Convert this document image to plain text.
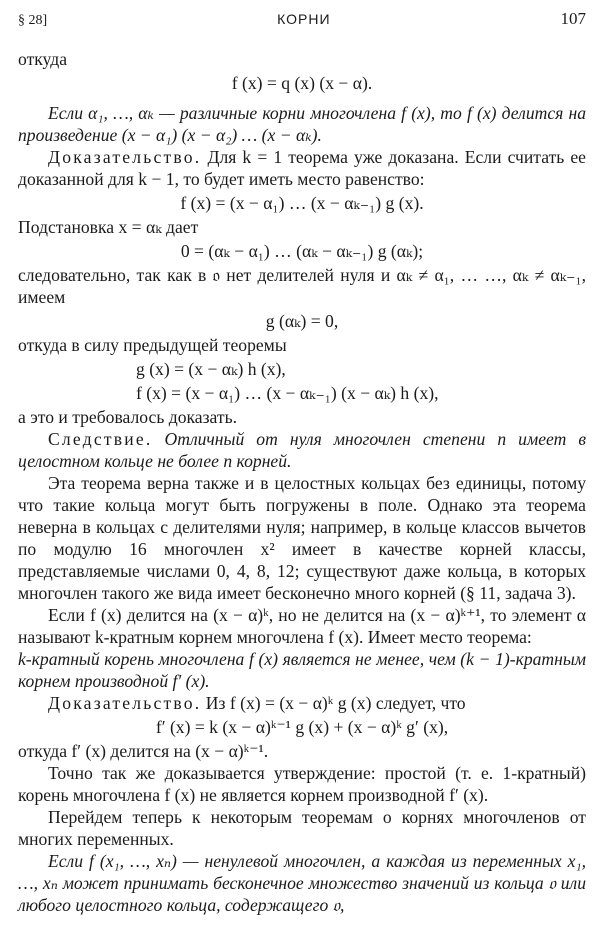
§ 28]	КОРНИ	107

откуда

f (x) = q (x) (x − α).

Если α₁, …, αₖ — различные корни многочлена f (x), то f (x) делится на произведение (x − α₁) (x − α₂) … (x − αₖ).

Доказательство. Для k = 1 теорема уже доказана. Если считать ее доказанной для k − 1, то будет иметь место равенство:

f (x) = (x − α₁) … (x − αₖ₋₁) g (x).

Подстановка x = αₖ дает

0 = (αₖ − α₁) … (αₖ − αₖ₋₁) g (αₖ);

следовательно, так как в 𝔬 нет делителей нуля и αₖ ≠ α₁, … …, αₖ ≠ αₖ₋₁, имеем

g (αₖ) = 0,

откуда в силу предыдущей теоремы

g (x) = (x − αₖ) h (x),

f (x) = (x − α₁) … (x − αₖ₋₁) (x − αₖ) h (x),

а это и требовалось доказать.

Следствие. Отличный от нуля многочлен степени n имеет в целостном кольце не более n корней.

Эта теорема верна также и в целостных кольцах без единицы, потому что такие кольца могут быть погружены в поле. Однако эта теорема неверна в кольцах с делителями нуля; например, в кольце классов вычетов по модулю 16 многочлен x² имеет в качестве корней классы, представляемые числами 0, 4, 8, 12; существуют даже кольца, в которых многочлен такого же вида имеет бесконечно много корней (§ 11, задача 3).

Если f (x) делится на (x − α)ᵏ, но не делится на (x − α)ᵏ⁺¹, то элемент α называют k-кратным корнем многочлена f (x). Имеет место теорема:

k-кратный корень многочлена f (x) является не менее, чем (k − 1)-кратным корнем производной f′ (x).

Доказательство. Из f (x) = (x − α)ᵏ g (x) следует, что

f′ (x) = k (x − α)ᵏ⁻¹ g (x) + (x − α)ᵏ g′ (x),

откуда f′ (x) делится на (x − α)ᵏ⁻¹.

Точно так же доказывается утверждение: простой (т. е. 1-кратный) корень многочлена f (x) не является корнем производной f′ (x).

Перейдем теперь к некоторым теоремам о корнях многочленов от многих переменных.

Если f (x₁, …, xₙ) — ненулевой многочлен, а каждая из переменных x₁, …, xₙ может принимать бесконечное множество значений из кольца 𝔬 или любого целостного кольца, содержащего 𝔬,
